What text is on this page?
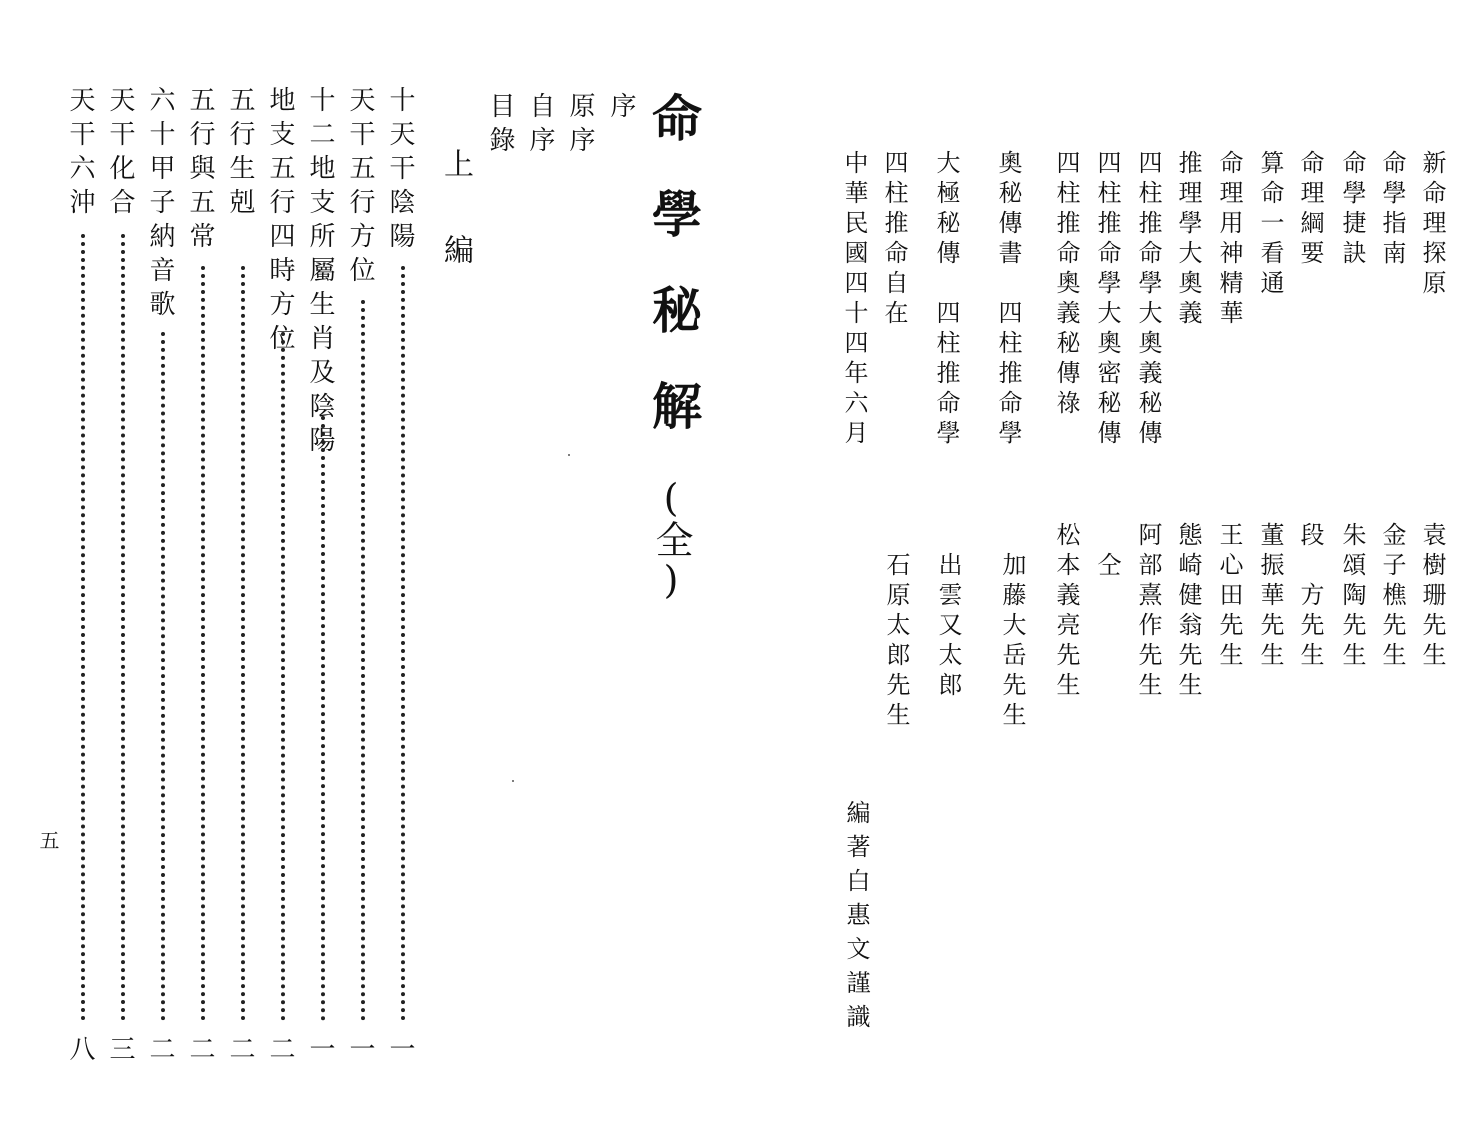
命學秘解
(全)
序
原序
自序
目錄
上編
十天干陰陽
一
天干五行方位
一
十二地支所屬生肖及陰陽
一
地支五行四時方位
二
五行生剋
二
五行與五常
二
六十甲子納音歌
二
天干化合
三
天干六沖
八
五
新命理探原
袁樹珊先生
命學指南
金子樵先生
命學捷訣
朱頌陶先生
命理綱要
段　方先生
算命一看通
董振華先生
命理用神精華
王心田先生
推理學大奧義
態崎健翁先生
四柱推命學大奧義秘傳
阿部熹作先生
四柱推命學大奧密秘傳
仝
四柱推命奧義秘傳祿
松本義亮先生
奧秘傳書　四柱推命學
加藤大岳先生
大極秘傳　四柱推命學
出雲又太郎
四柱推命自在
石原太郎先生
中華民國四十四年六月
編著白惠文謹識
